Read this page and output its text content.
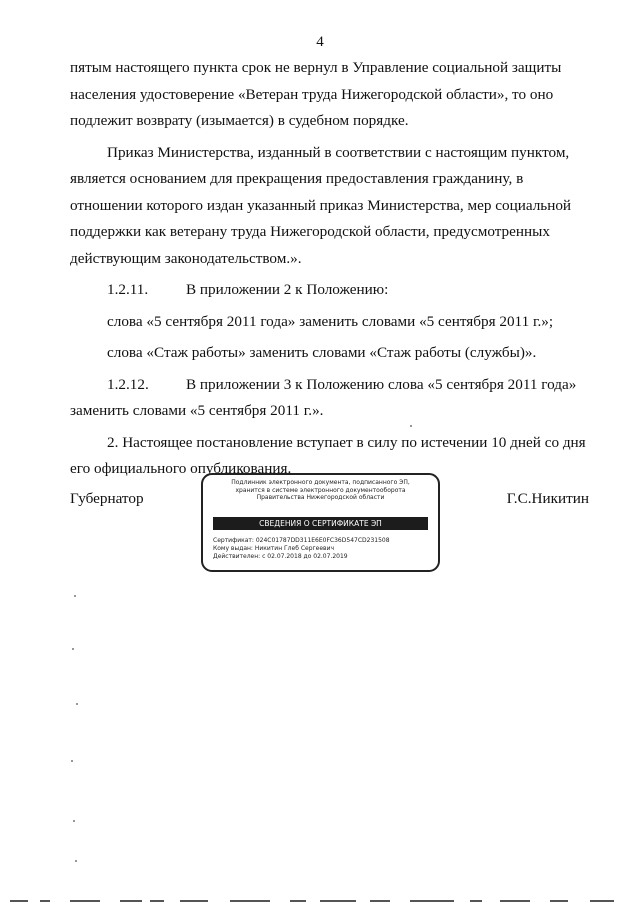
4

пятым настоящего пункта срок не вернул в Управление социальной защиты

населения удостоверение «Ветеран труда Нижегородской области», то оно

подлежит возврату (изымается) в судебном порядке.

Приказ Министерства, изданный в соответствии с настоящим пунктом,

является основанием для прекращения предоставления гражданину, в

отношении которого издан указанный приказ Министерства, мер социальной

поддержки как ветерану труда Нижегородской области, предусмотренных

действующим законодательством.».

1.2.11. В приложении 2 к Положению:

слова «5 сентября 2011 года» заменить словами «5 сентября 2011 г.»;

слова «Стаж работы» заменить словами «Стаж работы (службы)».

1.2.12. В приложении 3 к Положению слова «5 сентября 2011 года»

заменить словами «5 сентября 2011 г.».

2. Настоящее постановление вступает в силу по истечении 10 дней со дня

его официального опубликования.

Губернатор	Г.С.Никитин
Подлинник электронного документа, подписанного ЭП,
хранится в системе электронного документооборота
Правительства Нижегородской области
СВЕДЕНИЯ О СЕРТИФИКАТЕ ЭП
Сертификат: 024C01787DD311E6E0FC36D547CD231508
Кому выдан: Никитин Глеб Сергеевич
Действителен: с 02.07.2018 до 02.07.2019
